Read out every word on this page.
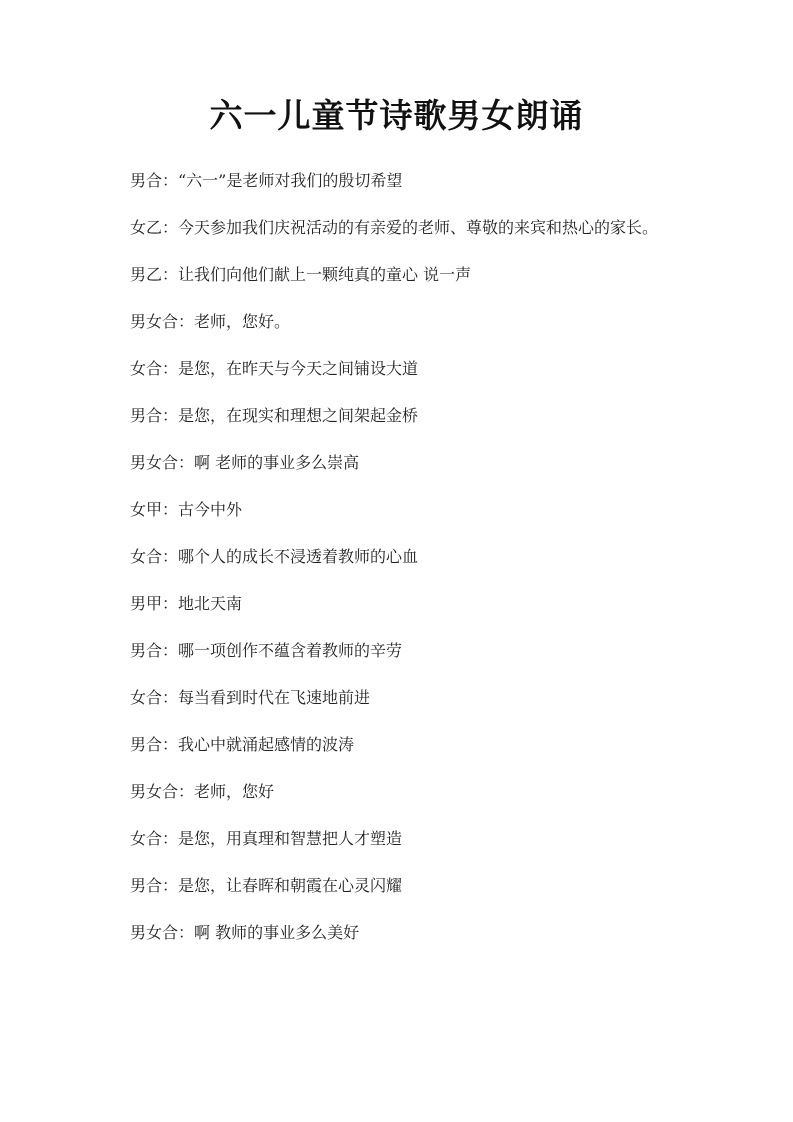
六一儿童节诗歌男女朗诵

男合：“六一”是老师对我们的殷切希望

女乙：今天参加我们庆祝活动的有亲爱的老师、尊敬的来宾和热心的家长。

男乙：让我们向他们献上一颗纯真的童心 说一声

男女合：老师，您好。

女合：是您，在昨天与今天之间铺设大道

男合：是您，在现实和理想之间架起金桥

男女合：啊 老师的事业多么崇高

女甲：古今中外

女合：哪个人的成长不浸透着教师的心血

男甲：地北天南

男合：哪一项创作不蕴含着教师的辛劳

女合：每当看到时代在飞速地前进

男合：我心中就涌起感情的波涛

男女合：老师，您好

女合：是您，用真理和智慧把人才塑造

男合：是您，让春晖和朝霞在心灵闪耀

男女合：啊 教师的事业多么美好
